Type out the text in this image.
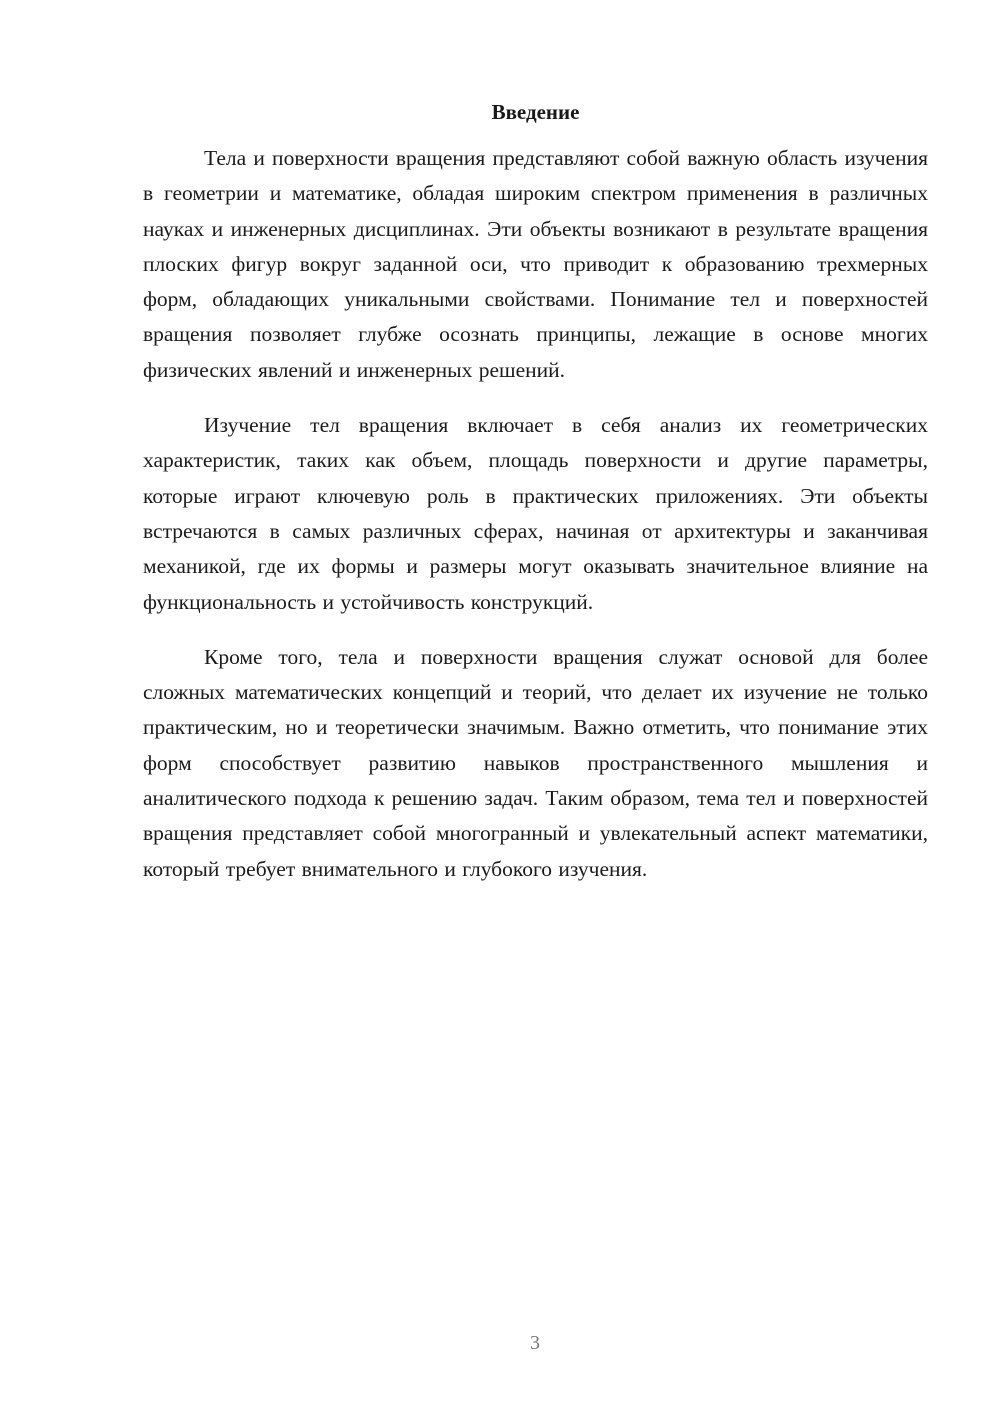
Введение

Тела и поверхности вращения представляют собой важную область изучения в геометрии и математике, обладая широким спектром применения в различных науках и инженерных дисциплинах. Эти объекты возникают в результате вращения плоских фигур вокруг заданной оси, что приводит к образованию трехмерных форм, обладающих уникальными свойствами. Понимание тел и поверхностей вращения позволяет глубже осознать принципы, лежащие в основе многих физических явлений и инженерных решений.

Изучение тел вращения включает в себя анализ их геометрических характеристик, таких как объем, площадь поверхности и другие параметры, которые играют ключевую роль в практических приложениях. Эти объекты встречаются в самых различных сферах, начиная от архитектуры и заканчивая механикой, где их формы и размеры могут оказывать значительное влияние на функциональность и устойчивость конструкций.

Кроме того, тела и поверхности вращения служат основой для более сложных математических концепций и теорий, что делает их изучение не только практическим, но и теоретически значимым. Важно отметить, что понимание этих форм способствует развитию навыков пространственного мышления и аналитического подхода к решению задач. Таким образом, тема тел и поверхностей вращения представляет собой многогранный и увлекательный аспект математики, который требует внимательного и глубокого изучения.

3
